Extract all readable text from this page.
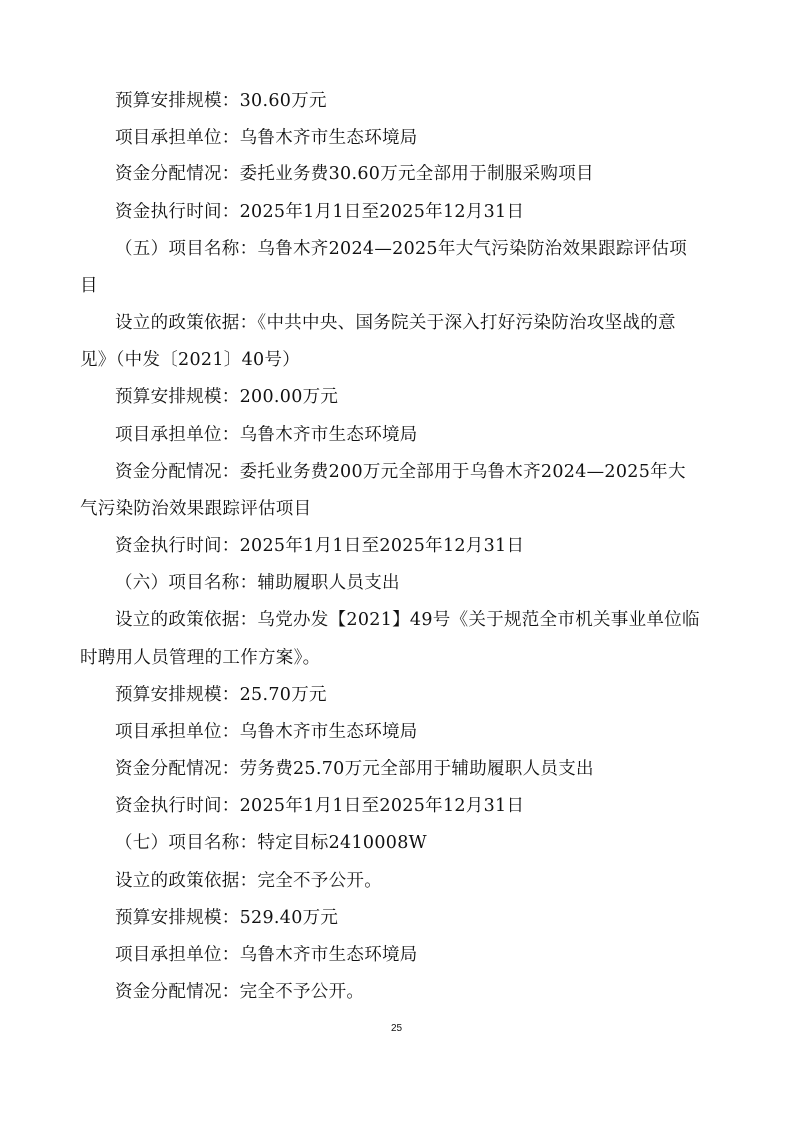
预算安排规模：30.60万元
项目承担单位：乌鲁木齐市生态环境局
资金分配情况：委托业务费30.60万元全部用于制服采购项目
资金执行时间：2025年1月1日至2025年12月31日
（五）项目名称：乌鲁木齐2024—2025年大气污染防治效果跟踪评估项
目
设立的政策依据：《中共中央、国务院关于深入打好污染防治攻坚战的意
见》（中发〔2021〕40号）
预算安排规模：200.00万元
项目承担单位：乌鲁木齐市生态环境局
资金分配情况：委托业务费200万元全部用于乌鲁木齐2024—2025年大
气污染防治效果跟踪评估项目
资金执行时间：2025年1月1日至2025年12月31日
（六）项目名称：辅助履职人员支出
设立的政策依据：乌党办发【2021】49号《关于规范全市机关事业单位临
时聘用人员管理的工作方案》。
预算安排规模：25.70万元
项目承担单位：乌鲁木齐市生态环境局
资金分配情况：劳务费25.70万元全部用于辅助履职人员支出
资金执行时间：2025年1月1日至2025年12月31日
（七）项目名称：特定目标2410008W
设立的政策依据：完全不予公开。
预算安排规模：529.40万元
项目承担单位：乌鲁木齐市生态环境局
资金分配情况：完全不予公开。
25
